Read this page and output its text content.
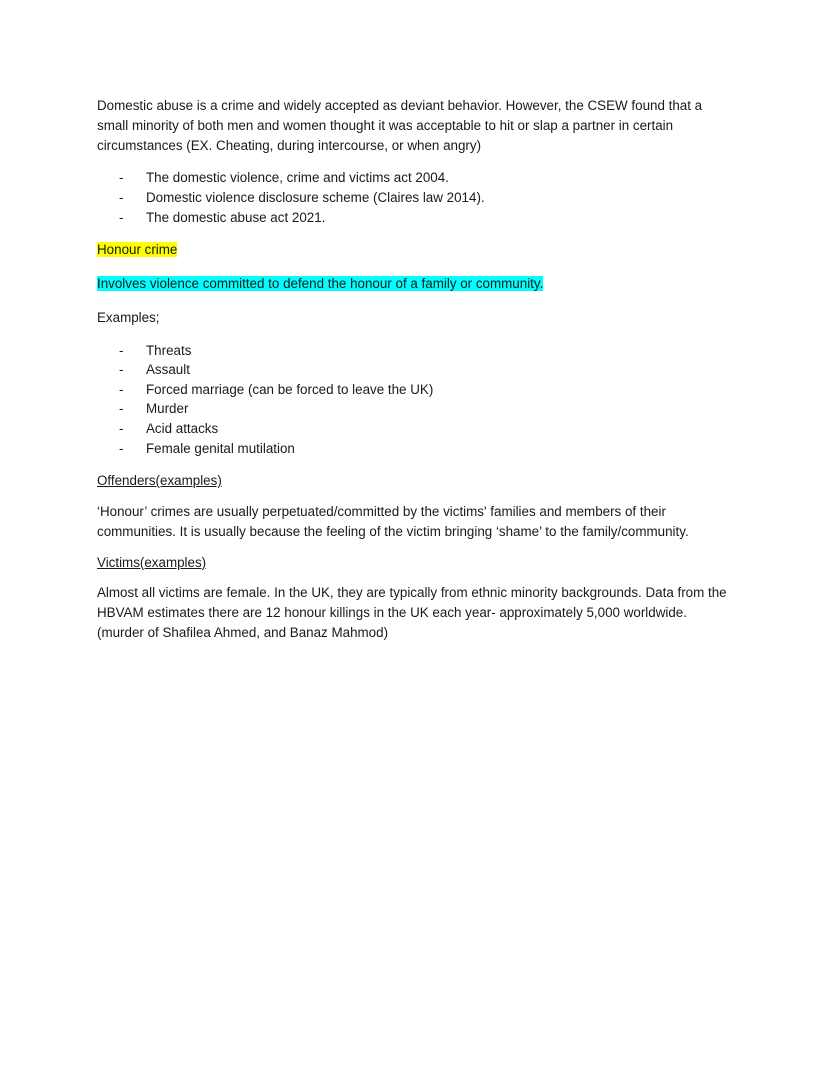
Domestic abuse is a crime and widely accepted as deviant behavior. However, the CSEW found that a small minority of both men and women thought it was acceptable to hit or slap a partner in certain circumstances (EX. Cheating, during intercourse, or when angry)

- The domestic violence, crime and victims act 2004.
- Domestic violence disclosure scheme (Claires law 2014).
- The domestic abuse act 2021.

Honour crime

Involves violence committed to defend the honour of a family or community.

Examples;

- Threats
- Assault
- Forced marriage (can be forced to leave the UK)
- Murder
- Acid attacks
- Female genital mutilation

Offenders(examples)

‘Honour’ crimes are usually perpetuated/committed by the victims' families and members of their communities. It is usually because the feeling of the victim bringing ‘shame’ to the family/community.

Victims(examples)

Almost all victims are female. In the UK, they are typically from ethnic minority backgrounds. Data from the HBVAM estimates there are 12 honour killings in the UK each year- approximately 5,000 worldwide. (murder of Shafilea Ahmed, and Banaz Mahmod)
